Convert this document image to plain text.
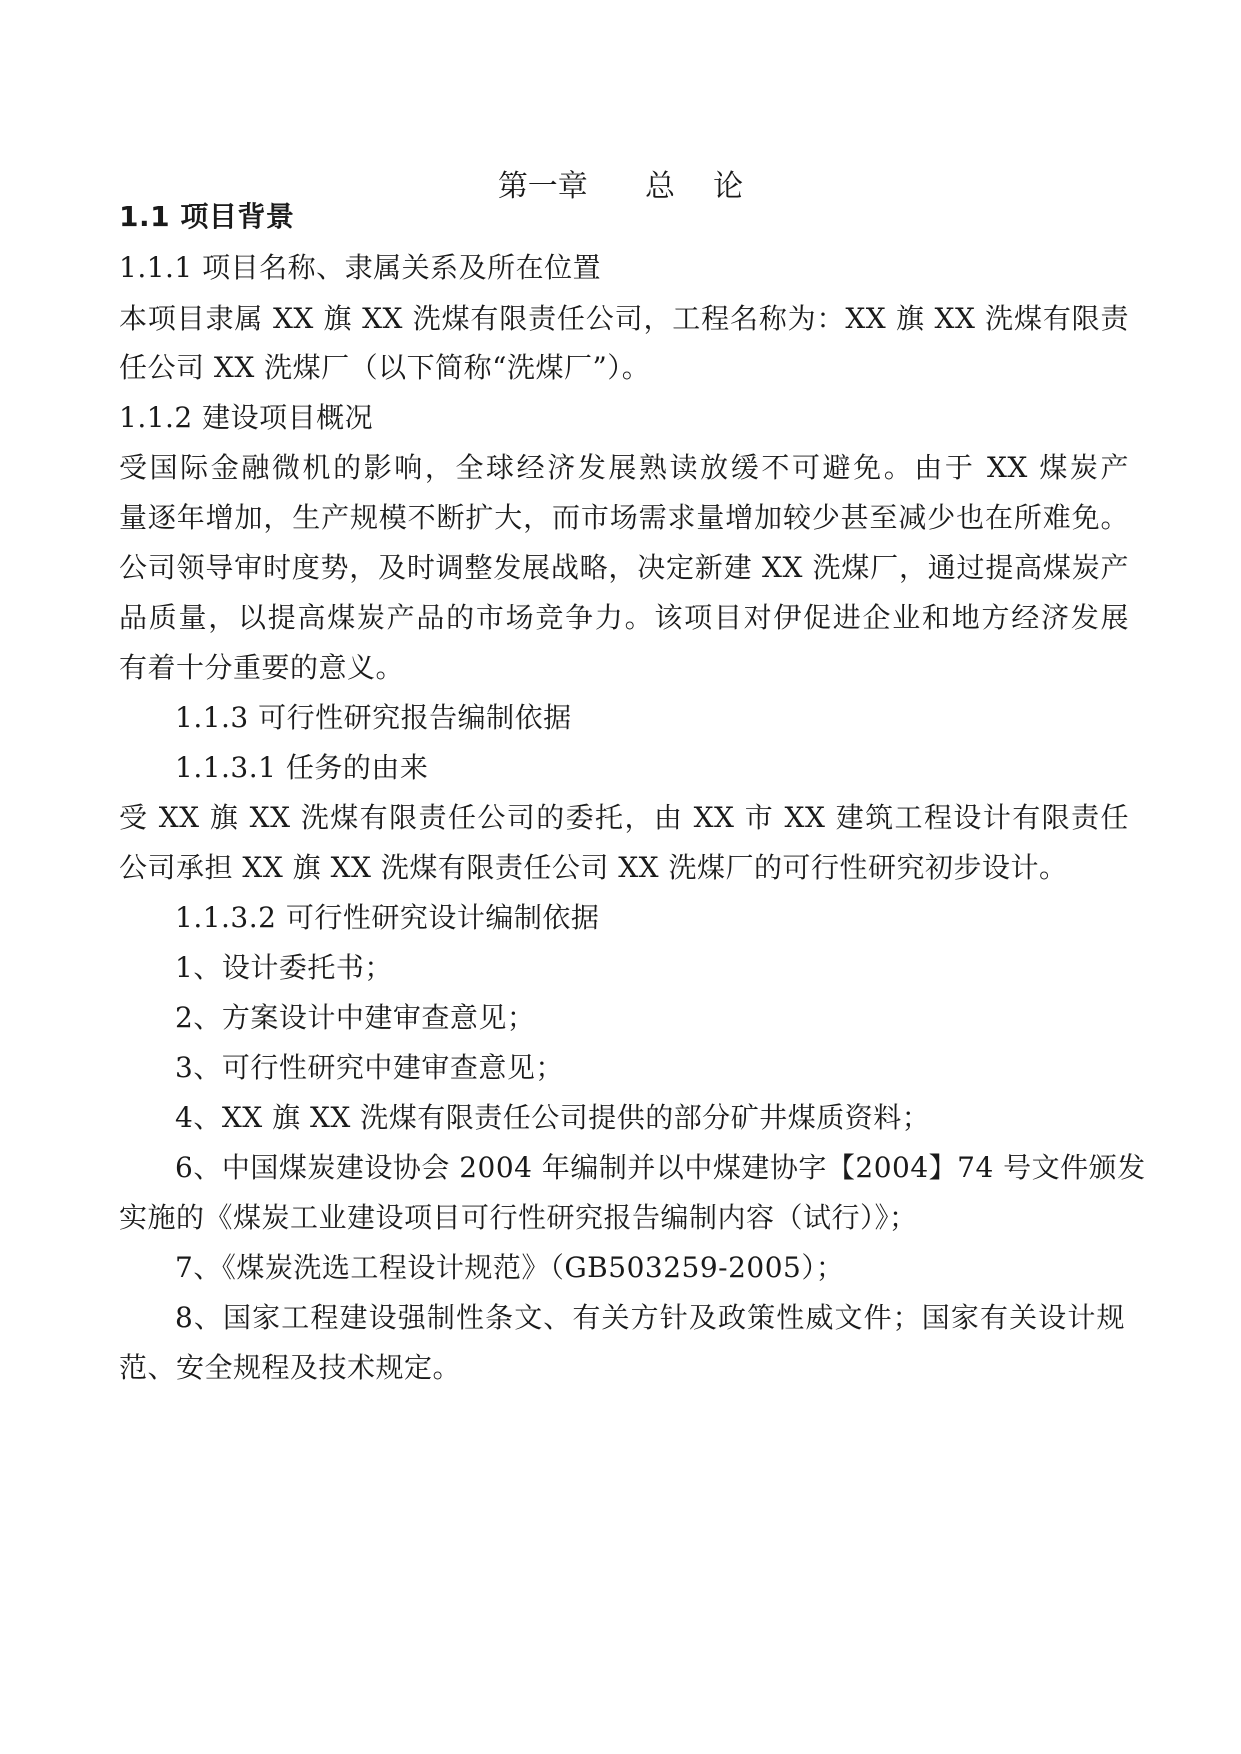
第一章      总    论
1.1 项目背景
1.1.1 项目名称、隶属关系及所在位置
本项目隶属 XX 旗 XX 洗煤有限责任公司，工程名称为：XX 旗 XX 洗煤有限责
任公司 XX 洗煤厂（以下简称“洗煤厂”）。
1.1.2 建设项目概况
受国际金融微机的影响，全球经济发展熟读放缓不可避免。由于 XX 煤炭产
量逐年增加，生产规模不断扩大，而市场需求量增加较少甚至减少也在所难免。
公司领导审时度势，及时调整发展战略，决定新建 XX 洗煤厂，通过提高煤炭产
品质量，以提高煤炭产品的市场竞争力。该项目对伊促进企业和地方经济发展
有着十分重要的意义。
1.1.3 可行性研究报告编制依据
1.1.3.1 任务的由来
受 XX 旗 XX 洗煤有限责任公司的委托，由 XX 市 XX 建筑工程设计有限责任
公司承担 XX 旗 XX 洗煤有限责任公司 XX 洗煤厂的可行性研究初步设计。
1.1.3.2 可行性研究设计编制依据
1、设计委托书；
2、方案设计中建审查意见；
3、可行性研究中建审查意见；
4、XX 旗 XX 洗煤有限责任公司提供的部分矿井煤质资料；
6、中国煤炭建设协会 2004 年编制并以中煤建协字【2004】74 号文件颁发
实施的《煤炭工业建设项目可行性研究报告编制内容（试行）》；
7、《煤炭洗选工程设计规范》（GB503259-2005）；
8、国家工程建设强制性条文、有关方针及政策性威文件；国家有关设计规
范、安全规程及技术规定。
